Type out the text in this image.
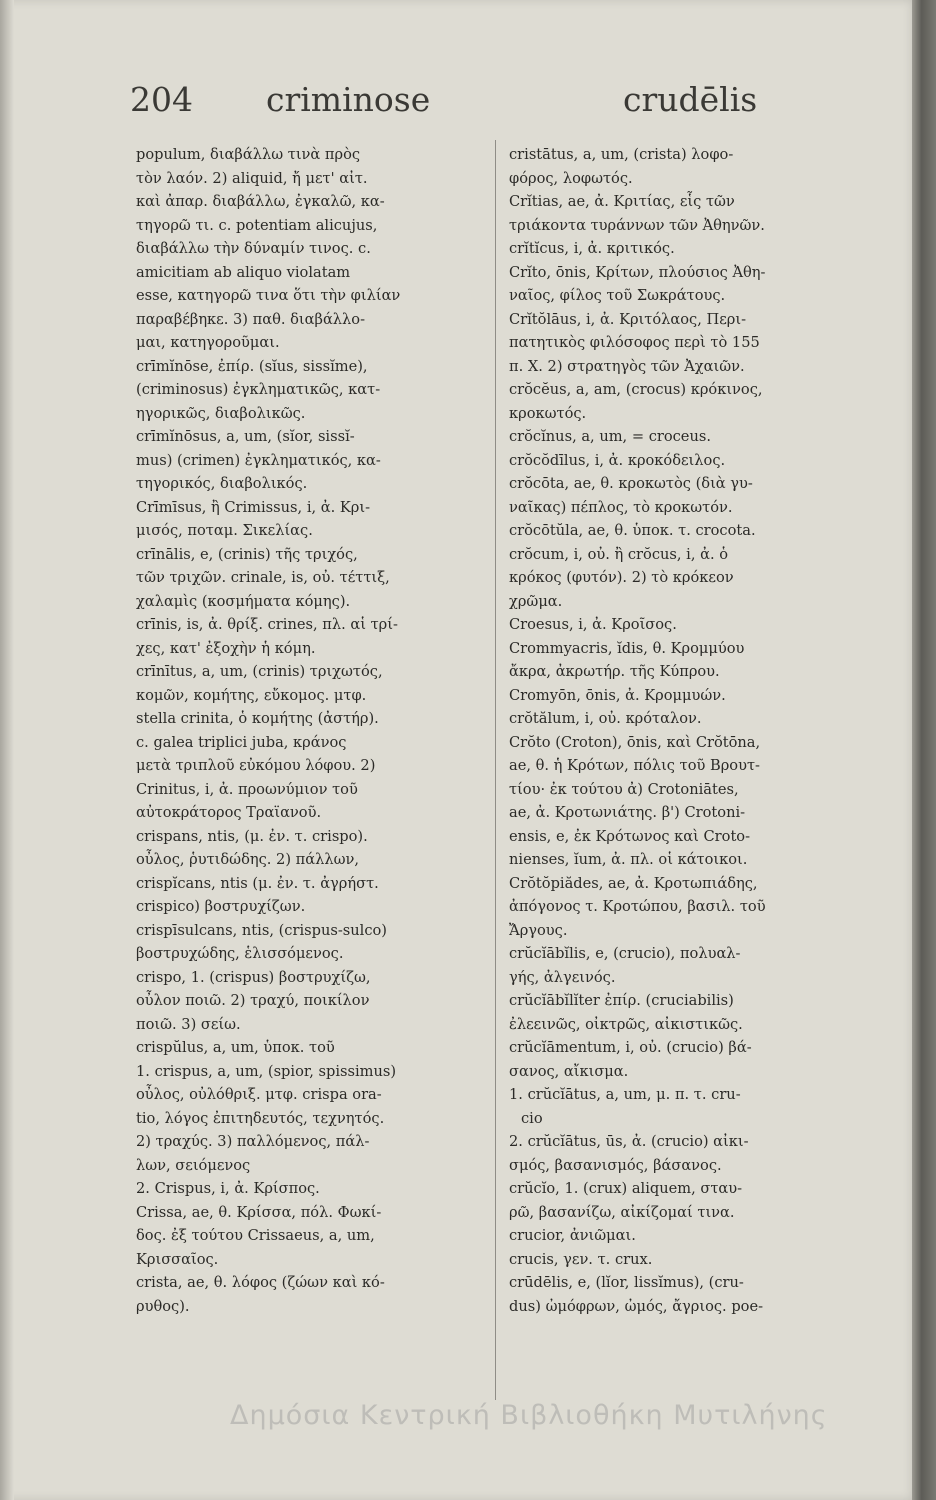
204 criminose	crudēlis
populum, διαβάλλω τινὰ πρὸς
τὸν λαόν. 2) aliquid, ἤ μετ' αἰτ.
καὶ ἀπαρ. διαβάλλω, ἐγκαλῶ, κα-
τηγορῶ τι. c. potentiam alicujus,
διαβάλλω τὴν δύναμίν τινος. c.
amicitiam ab aliquo violatam
esse, κατηγορῶ τινα ὅτι τὴν φιλίαν
παραβέβηκε. 3) παθ. διαβάλλο-
μαι, κατηγοροῦμαι.
crīmĭnōse, ἐπίρ. (sĭus, sissĭme),
(criminosus) ἐγκληματικῶς, κατ-
ηγορικῶς, διαβολικῶς.
crīmĭnōsus, a, um, (sĭor, sissĭ-
mus) (crimen) ἐγκληματικός, κα-
τηγορικός, διαβολικός.
Crīmīsus, ἢ Crimissus, i, ἀ. Κρι-
μισός, ποταμ. Σικελίας.
crīnālis, e, (crinis) τῆς τριχός,
τῶν τριχῶν. crinale, is, οὐ. τέττιξ,
χαλαμὶς (κοσμήματα κόμης).
crīnis, is, ἀ. θρίξ. crines, πλ. αἱ τρί-
χες, κατ' ἐξοχὴν ἡ κόμη.
crīnītus, a, um, (crinis) τριχωτός,
κομῶν, κομήτης, εὔκομος. μτφ.
stella crinita, ὁ κομήτης (ἀστήρ).
c. galea triplici juba, κράνος
μετὰ τριπλοῦ εὐκόμου λόφου. 2)
Crinitus, i, ἀ. προωνύμιον τοῦ
αὐτοκράτορος Τραϊανοῦ.
crispans, ntis, (μ. ἐν. τ. crispo).
οὖλος, ῥυτιδώδης. 2) πάλλων,
crispĭcans, ntis (μ. ἐν. τ. ἀγρήστ.
crispico) βοστρυχίζων.
crispīsulcans, ntis, (crispus-sulco)
βοστρυχώδης, ἑλισσόμενος.
crispo, 1. (crispus) βοστρυχίζω,
οὖλον ποιῶ. 2) τραχύ, ποικίλον
ποιῶ. 3) σείω.
crispŭlus, a, um, ὑποκ. τοῦ
1. crispus, a, um, (spior, spissimus)
οὖλος, οὐλόθριξ. μτφ. crispa ora-
tio, λόγος ἐπιτηδευτός, τεχνητός.
2) τραχύς. 3) παλλόμενος, πάλ-
λων, σειόμενος
2. Crispus, i, ἀ. Κρίσπος.
Crissa, ae, θ. Κρίσσα, πόλ. Φωκί-
δος. ἐξ τούτου Crissaeus, a, um,
Κρισσαῖος.
crista, ae, θ. λόφος (ζώων καὶ κό-
ρυθος).
cristātus, a, um, (crista) λοφο-
φόρος, λοφωτός.
Crĭtias, ae, ἀ. Κριτίας, εἷς τῶν
τριάκοντα τυράννων τῶν Ἀθηνῶν.
crĭtĭcus, i, ἀ. κριτικός.
Crĭto, ōnis, Κρίτων, πλούσιος Ἀθη-
ναῖος, φίλος τοῦ Σωκράτους.
Crĭtŏlāus, i, ἀ. Κριτόλαος, Περι-
πατητικὸς φιλόσοφος περὶ τὸ 155
π. Χ. 2) στρατηγὸς τῶν Ἀχαιῶν.
crŏcĕus, a, am, (crocus) κρόκινος,
κροκωτός.
crŏcĭnus, a, um, = croceus.
crŏcŏdīlus, i, ἀ. κροκόδειλος.
crŏcōta, ae, θ. κροκωτὸς (διὰ γυ-
ναῖκας) πέπλος, τὸ κροκωτόν.
crŏcōtŭla, ae, θ. ὑποκ. τ. crocota.
crŏcum, i, οὐ. ἢ crŏcus, i, ἀ. ὁ
κρόκος (φυτόν). 2) τὸ κρόκεον
χρῶμα.
Croesus, i, ἀ. Κροῖσος.
Crommyacris, ĭdis, θ. Κρομμύου
ἄκρα, ἀκρωτήρ. τῆς Κύπρου.
Cromyōn, ōnis, ἀ. Κρομμυών.
crŏtălum, i, οὐ. κρόταλον.
Crŏto (Croton), ōnis, καὶ Crŏtōna,
ae, θ. ἡ Κρότων, πόλις τοῦ Βρουτ-
τίου· ἐκ τούτου ἀ) Crotoniātes,
ae, ἀ. Κροτωνιάτης. β') Crotoni-
ensis, e, ἐκ Κρότωνος καὶ Croto-
nienses, ĭum, ἀ. πλ. οἱ κάτοικοι.
Crŏtŏpiădes, ae, ἀ. Κροτωπιάδης,
ἀπόγονος τ. Κροτώπου, βασιλ. τοῦ
Ἄργους.
crŭcĭābĭlis, e, (crucio), πολυαλ-
γής, ἀλγεινός.
crŭcĭābĭlĭter ἐπίρ. (cruciabilis)
ἐλεεινῶς, οἰκτρῶς, αἰκιστικῶς.
crŭcĭāmentum, i, οὐ. (crucio) βά-
σανος, αἴκισμα.
1. crŭcĭātus, a, um, μ. π. τ. cru-
cio
2. crŭcĭātus, ūs, ἀ. (crucio) αἰκι-
σμός, βασανισμός, βάσανος.
crŭcĭo, 1. (crux) aliquem, σταυ-
ρῶ, βασανίζω, αἰκίζομαί τινα.
crucior, ἀνιῶμαι.
crucis, γεν. τ. crux.
crūdēlis, e, (lĭor, lissĭmus), (cru-
dus) ὠμόφρων, ὠμός, ἄγριος. poe-
Δημόσια Κεντρική Βιβλιοθήκη Μυτιλήνης
